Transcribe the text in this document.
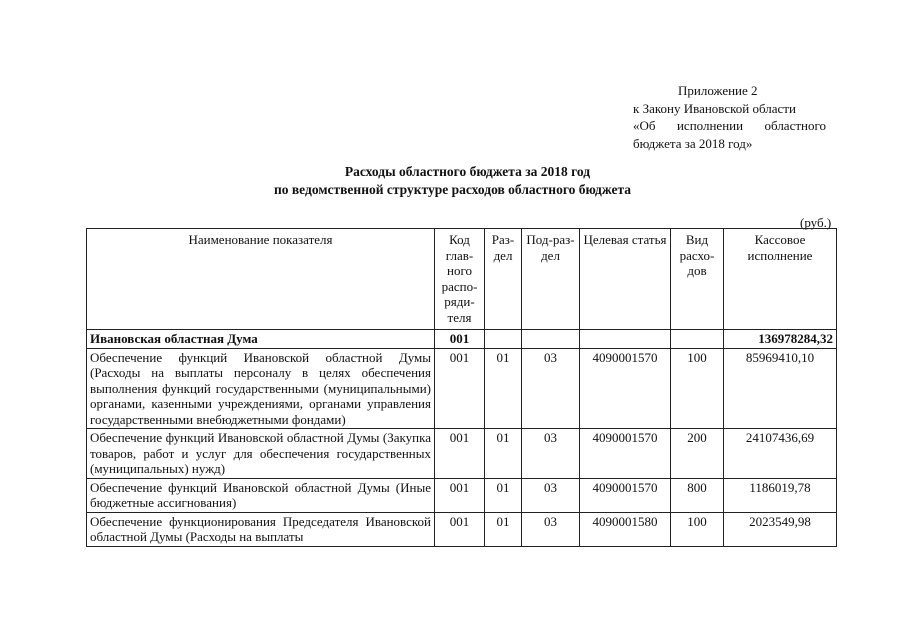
Приложение 2
к Закону Ивановской области
«Об исполнении областного
бюджета за 2018 год»
Расходы областного бюджета за 2018 год
по ведомственной структуре расходов областного бюджета
(руб.)
Наименование показателя	Код глав-ного распо-ряди-теля	Раз-дел	Под-раз-дел	Целевая статья	Вид расхо-дов	Кассовое исполнение
Ивановская областная Дума	001					136978284,32
Обеспечение функций Ивановской областной Думы (Расходы на выплаты персоналу в целях обеспечения выполнения функций государственными (муниципальными) органами, казенными учреждениями, органами управления государственными внебюджетными фондами)	001	01	03	4090001570	100	85969410,10
Обеспечение функций Ивановской областной Думы (Закупка товаров, работ и услуг для обеспечения государственных (муниципальных) нужд)	001	01	03	4090001570	200	24107436,69
Обеспечение функций Ивановской областной Думы (Иные бюджетные ассигнования)	001	01	03	4090001570	800	1186019,78
Обеспечение функционирования Председателя Ивановской областной Думы (Расходы на выплаты	001	01	03	4090001580	100	2023549,98
